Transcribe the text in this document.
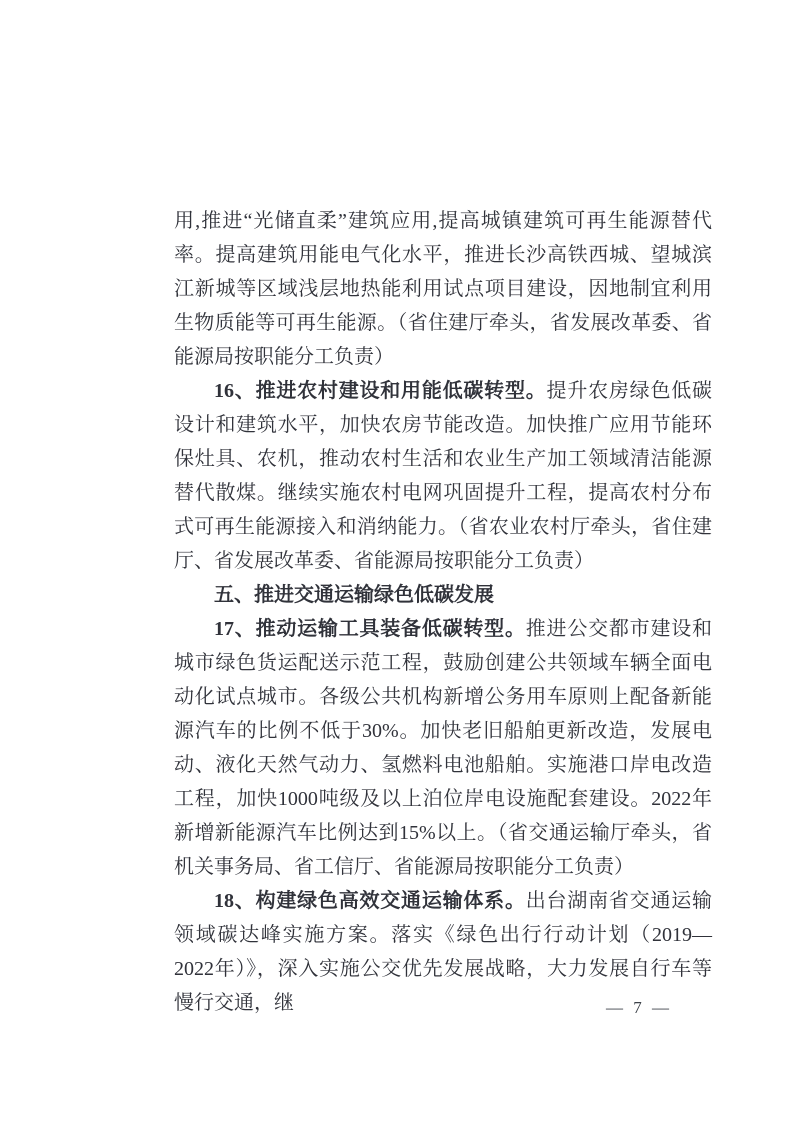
用,推进“光储直柔”建筑应用,提高城镇建筑可再生能源替代率。提高建筑用能电气化水平，推进长沙高铁西城、望城滨江新城等区域浅层地热能利用试点项目建设，因地制宜利用生物质能等可再生能源。（省住建厅牵头，省发展改革委、省能源局按职能分工负责）

16、推进农村建设和用能低碳转型。提升农房绿色低碳设计和建筑水平，加快农房节能改造。加快推广应用节能环保灶具、农机，推动农村生活和农业生产加工领域清洁能源替代散煤。继续实施农村电网巩固提升工程，提高农村分布式可再生能源接入和消纳能力。（省农业农村厅牵头，省住建厅、省发展改革委、省能源局按职能分工负责）

五、推进交通运输绿色低碳发展

17、推动运输工具装备低碳转型。推进公交都市建设和城市绿色货运配送示范工程，鼓励创建公共领域车辆全面电动化试点城市。各级公共机构新增公务用车原则上配备新能源汽车的比例不低于30%。加快老旧船舶更新改造，发展电动、液化天然气动力、氢燃料电池船舶。实施港口岸电改造工程，加快1000吨级及以上泊位岸电设施配套建设。2022年新增新能源汽车比例达到15%以上。（省交通运输厅牵头，省机关事务局、省工信厅、省能源局按职能分工负责）

18、构建绿色高效交通运输体系。出台湖南省交通运输领域碳达峰实施方案。落实《绿色出行行动计划（2019—2022年）》，深入实施公交优先发展战略，大力发展自行车等慢行交通，继	— 7 —
